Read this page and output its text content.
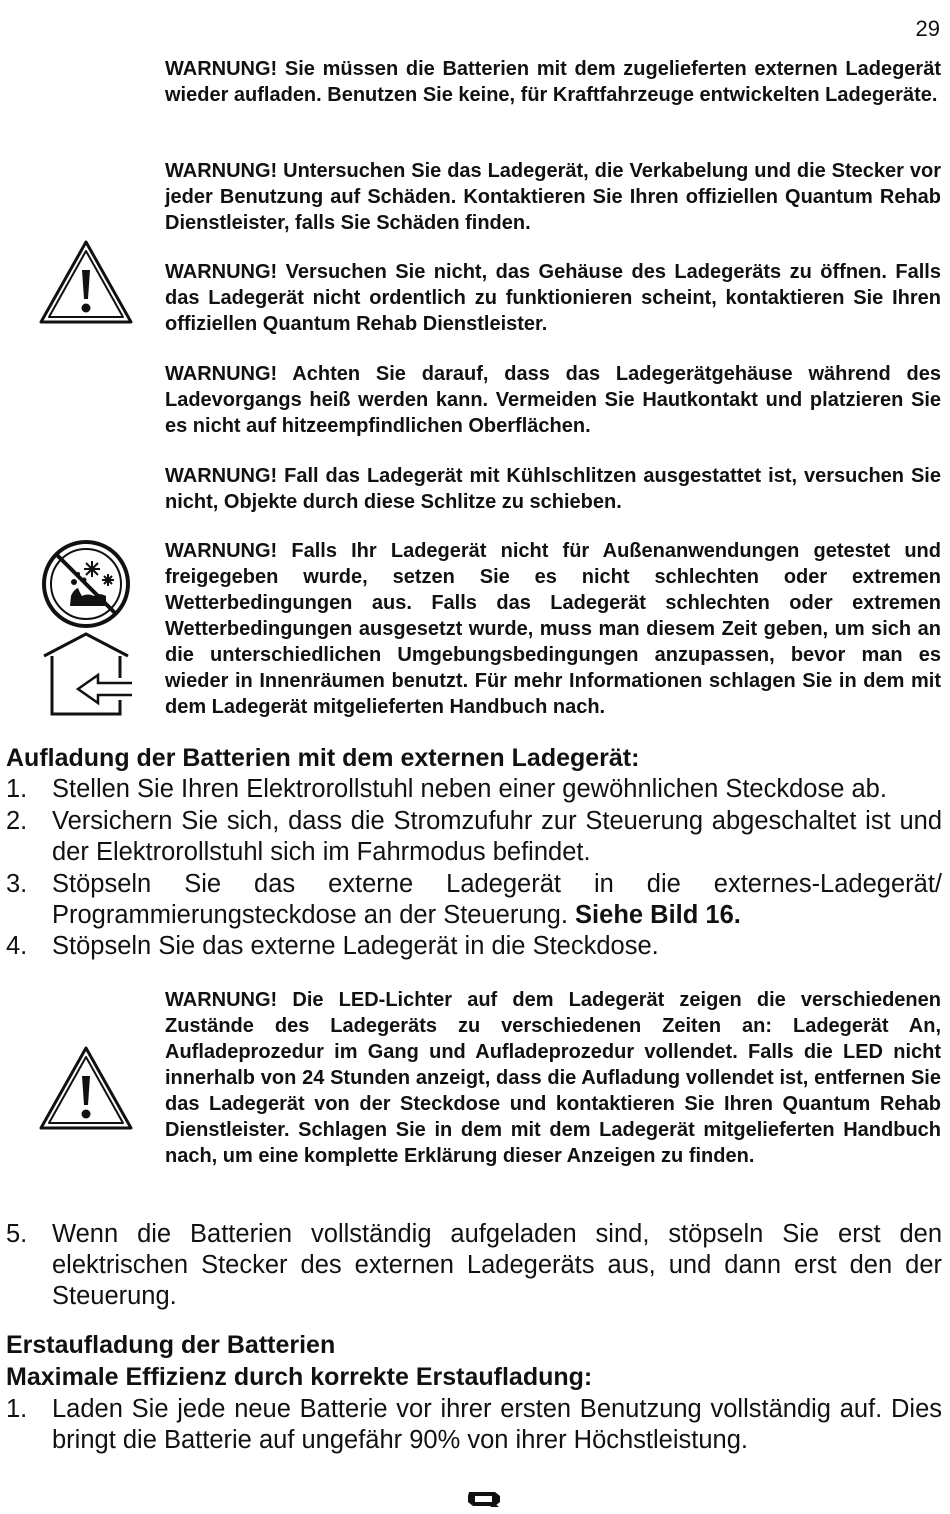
29

WARNUNG! Sie müssen die Batterien mit dem zugelieferten externen Ladegerät wieder aufladen. Benutzen Sie keine, für Kraftfahrzeuge entwickelten Ladegeräte.

WARNUNG! Untersuchen Sie das Ladegerät, die Verkabelung und die Stecker vor jeder Benutzung auf Schäden. Kontaktieren Sie Ihren offiziellen Quantum Rehab Dienstleister, falls Sie Schäden finden.

WARNUNG! Versuchen Sie nicht, das Gehäuse des Ladegeräts zu öffnen. Falls das Ladegerät nicht ordentlich zu funktionieren scheint, kontaktieren Sie Ihren offiziellen Quantum Rehab Dienstleister.

WARNUNG! Achten Sie darauf, dass das Ladegerätgehäuse während des Ladevorgangs heiß werden kann. Vermeiden Sie Hautkontakt und platzieren Sie es nicht auf hitzeempfindlichen Oberflächen.

WARNUNG! Fall das Ladegerät mit Kühlschlitzen ausgestattet ist, versuchen Sie nicht, Objekte durch diese Schlitze zu schieben.

WARNUNG! Falls Ihr Ladegerät nicht für Außenanwendungen getestet und freigegeben wurde, setzen Sie es nicht schlechten oder extremen Wetterbedingungen aus. Falls das Ladegerät schlechten oder extremen Wetterbedingungen ausgesetzt wurde, muss man diesem Zeit geben, um sich an die unterschiedlichen Umgebungsbedingungen anzupassen, bevor man es wieder in Innenräumen benutzt. Für mehr Informationen schlagen Sie in dem mit dem Ladegerät mitgelieferten Handbuch nach.

Aufladung der Batterien mit dem externen Ladegerät:
1. Stellen Sie Ihren Elektrorollstuhl neben einer gewöhnlichen Steckdose ab.
2. Versichern Sie sich, dass die Stromzufuhr zur Steuerung abgeschaltet ist und der Elektrorollstuhl sich im Fahrmodus befindet.
3. Stöpseln Sie das externe Ladegerät in die externes-Ladegerät/ Programmierungsteckdose an der Steuerung. Siehe Bild 16.
4. Stöpseln Sie das externe Ladegerät in die Steckdose.

WARNUNG! Die LED-Lichter auf dem Ladegerät zeigen die verschiedenen Zustände des Ladegeräts zu verschiedenen Zeiten an: Ladegerät An, Aufladeprozedur im Gang und Aufladeprozedur vollendet. Falls die LED nicht innerhalb von 24 Stunden anzeigt, dass die Aufladung vollendet ist, entfernen Sie das Ladegerät von der Steckdose und kontaktieren Sie Ihren Quantum Rehab Dienstleister. Schlagen Sie in dem mit dem Ladegerät mitgelieferten Handbuch nach, um eine komplette Erklärung dieser Anzeigen zu finden.

5. Wenn die Batterien vollständig aufgeladen sind, stöpseln Sie erst den elektrischen Stecker des externen Ladegeräts aus, und dann erst den der Steuerung.
Erstaufladung der Batterien
Maximale Effizienz durch korrekte Erstaufladung:
1. Laden Sie jede neue Batterie vor ihrer ersten Benutzung vollständig auf. Dies bringt die Batterie auf ungefähr 90% von ihrer Höchstleistung.
